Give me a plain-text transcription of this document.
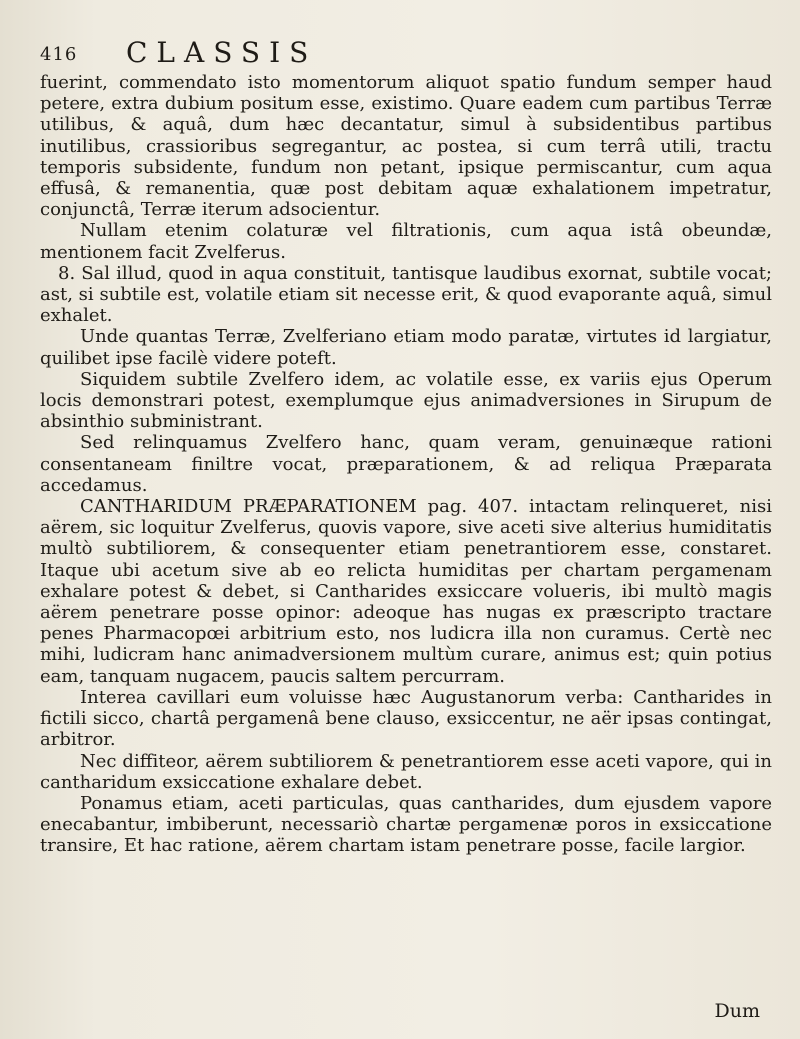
416 CLASSIS

fuerint, commendato isto momentorum aliquot spatio fundum semper haud petere, extra dubium positum esse, existimo. Quare eadem cum partibus Terræ utilibus, & aquâ, dum hæc decantatur, simul à subsidentibus partibus inutilibus, crassioribus segregantur, ac postea, si cum terrâ utili, tractu temporis subsidente, fundum non petant, ipsique permiscantur, cum aqua effusâ, & remanentia, quæ post debitam aquæ exhalationem impetratur, conjunctâ, Terræ iterum adsocientur.

Nullam etenim colaturæ vel filtrationis, cum aqua istâ obeundæ, mentionem facit Zvelferus.

8. Sal illud, quod in aqua constituit, tantisque laudibus exornat, subtile vocat; ast, si subtile est, volatile etiam sit necesse erit, & quod evaporante aquâ, simul exhalet.

Unde quantas Terræ, Zvelferiano etiam modo paratæ, virtutes id largiatur, quilibet ipse facilè videre poteft.

Siquidem subtile Zvelfero idem, ac volatile esse, ex variis ejus Operum locis demonstrari potest, exemplumque ejus animadversiones in Sirupum de absinthio subministrant.

Sed relinquamus Zvelfero hanc, quam veram, genuinæque rationi consentaneam finiltre vocat, præparationem, & ad reliqua Præparata accedamus.

CANTHARIDUM PRÆPARATIONEM pag. 407. intactam relinqueret, nisi aërem, sic loquitur Zvelferus, quovis vapore, sive aceti sive alterius humiditatis multò subtiliorem, & consequenter etiam penetrantiorem esse, constaret. Itaque ubi acetum sive ab eo relicta humiditas per chartam pergamenam exhalare potest & debet, si Cantharides exsiccare volueris, ibi multò magis aërem penetrare posse opinor: adeoque has nugas ex præscripto tractare penes Pharmacopœi arbitrium esto, nos ludicra illa non curamus. Certè nec mihi, ludicram hanc animadversionem multùm curare, animus est; quin potius eam, tanquam nugacem, paucis saltem percurram.

Interea cavillari eum voluisse hæc Augustanorum verba: Cantharides in fictili sicco, chartâ pergamenâ bene clauso, exsiccentur, ne aër ipsas contingat, arbitror.

Nec diffiteor, aërem subtiliorem & penetrantiorem esse aceti vapore, qui in cantharidum exsiccatione exhalare debet.

Ponamus etiam, aceti particulas, quas cantharides, dum ejusdem vapore enecabantur, imbiberunt, necessariò chartæ pergamenæ poros in exsiccatione transire, Et hac ratione, aërem chartam istam penetrare posse, facile largior.

Dum
